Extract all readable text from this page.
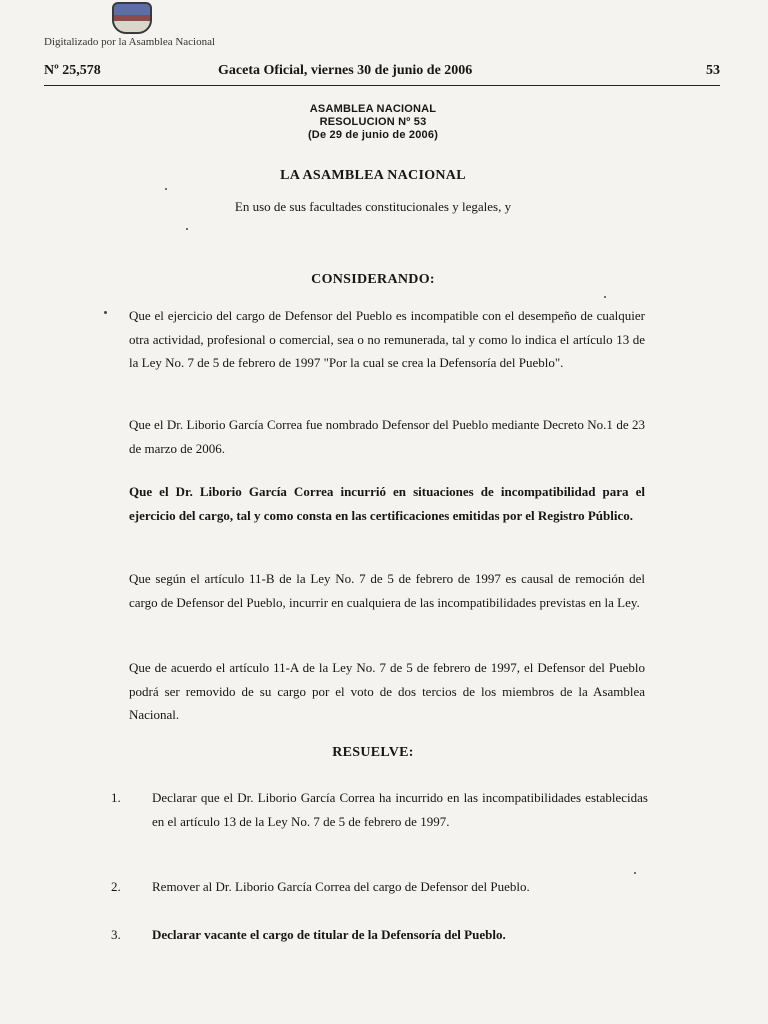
Digitalizado por la Asamblea Nacional
Nº 25,578	Gaceta Oficial, viernes 30 de junio de 2006	53
ASAMBLEA NACIONAL
RESOLUCION Nº 53
(De 29 de junio de 2006)
LA ASAMBLEA NACIONAL
En uso de sus facultades constitucionales y legales, y
CONSIDERANDO:
Que el ejercicio del cargo de Defensor del Pueblo es incompatible con el desempeño de cualquier otra actividad, profesional o comercial, sea o no remunerada, tal y como lo indica el artículo 13 de la Ley No. 7 de 5 de febrero de 1997 "Por la cual se crea la Defensoría del Pueblo".
Que el Dr. Liborio García Correa fue nombrado Defensor del Pueblo mediante Decreto No.1 de 23 de marzo de 2006.
Que el Dr. Liborio García Correa incurrió en situaciones de incompatibilidad para el ejercicio del cargo, tal y como consta en las certificaciones emitidas por el Registro Público.
Que según el artículo 11-B de la Ley No. 7 de 5 de febrero de 1997 es causal de remoción del cargo de Defensor del Pueblo, incurrir en cualquiera de las incompatibilidades previstas en la Ley.
Que de acuerdo el artículo 11-A de la Ley No. 7 de 5 de febrero de 1997, el Defensor del Pueblo podrá ser removido de su cargo por el voto de dos tercios de los miembros de la Asamblea Nacional.
RESUELVE:
1. Declarar que el Dr. Liborio García Correa ha incurrido en las incompatibilidades establecidas en el artículo 13 de la Ley No. 7 de 5 de febrero de 1997.
2. Remover al Dr. Liborio García Correa del cargo de Defensor del Pueblo.
3. Declarar vacante el cargo de titular de la Defensoría del Pueblo.
